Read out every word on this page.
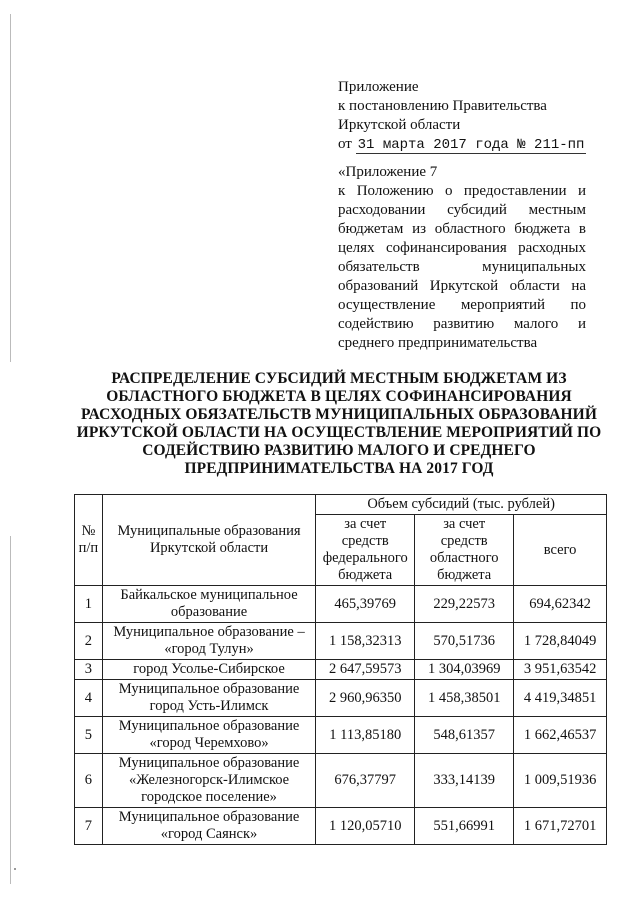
Приложение
к постановлению Правительства
Иркутской области
от 31 марта 2017 года № 211-пп
«Приложение 7
к Положению о предоставлении и расходовании субсидий местным бюджетам из областного бюджета в целях софинансирования расходных обязательств муниципальных образований Иркутской области на осуществление мероприятий по содействию развитию малого и среднего предпринимательства
РАСПРЕДЕЛЕНИЕ СУБСИДИЙ МЕСТНЫМ БЮДЖЕТАМ ИЗ ОБЛАСТНОГО БЮДЖЕТА В ЦЕЛЯХ СОФИНАНСИРОВАНИЯ РАСХОДНЫХ ОБЯЗАТЕЛЬСТВ МУНИЦИПАЛЬНЫХ ОБРАЗОВАНИЙ ИРКУТСКОЙ ОБЛАСТИ НА ОСУЩЕСТВЛЕНИЕ МЕРОПРИЯТИЙ ПО СОДЕЙСТВИЮ РАЗВИТИЮ МАЛОГО И СРЕДНЕГО ПРЕДПРИНИМАТЕЛЬСТВА НА 2017 ГОД
№ п/п	Муниципальные образования Иркутской области	Объем субсидий (тыс. рублей)		
		за счет средств федерального бюджета	за счет средств областного бюджета	всего
1	Байкальское муниципальное образование	465,39769	229,22573	694,62342
2	Муниципальное образование – «город Тулун»	1 158,32313	570,51736	1 728,84049
3	город Усолье-Сибирское	2 647,59573	1 304,03969	3 951,63542
4	Муниципальное образование город Усть-Илимск	2 960,96350	1 458,38501	4 419,34851
5	Муниципальное образование «город Черемхово»	1 113,85180	548,61357	1 662,46537
6	Муниципальное образование «Железногорск-Илимское городское поселение»	676,37797	333,14139	1 009,51936
7	Муниципальное образование «город Саянск»	1 120,05710	551,66991	1 671,72701
